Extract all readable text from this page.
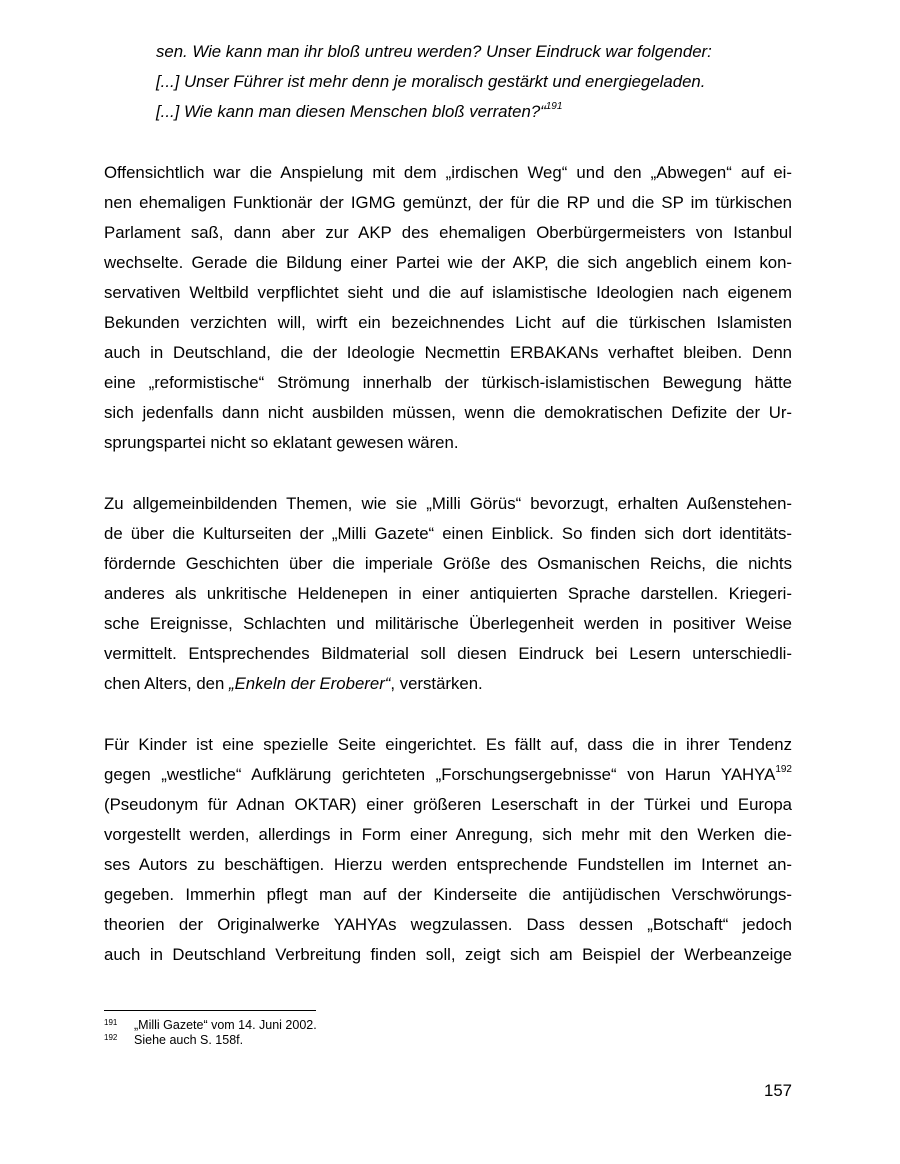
sen. Wie kann man ihr bloß untreu werden? Unser Eindruck war folgender:
[...] Unser Führer ist mehr denn je moralisch gestärkt und energiegeladen.
[...] Wie kann man diesen Menschen bloß verraten?“$^{191}$
Offensichtlich war die Anspielung mit dem „irdischen Weg“ und den „Abwegen“ auf ei-
nen ehemaligen Funktionär der IGMG gemünzt, der für die RP und die SP im türkischen
Parlament saß, dann aber zur AKP des ehemaligen Oberbürgermeisters von Istanbul
wechselte. Gerade die Bildung einer Partei wie der AKP, die sich angeblich einem kon-
servativen Weltbild verpflichtet sieht und die auf islamistische Ideologien nach eigenem
Bekunden verzichten will, wirft ein bezeichnendes Licht auf die türkischen Islamisten
auch in Deutschland, die der Ideologie Necmettin ERBAKANs verhaftet bleiben. Denn
eine „reformistische“ Strömung innerhalb der türkisch-islamistischen Bewegung hätte
sich jedenfalls dann nicht ausbilden müssen, wenn die demokratischen Defizite der Ur-
sprungspartei nicht so eklatant gewesen wären.
Zu allgemeinbildenden Themen, wie sie „Milli Görüs“ bevorzugt, erhalten Außenstehen-
de über die Kulturseiten der „Milli Gazete“ einen Einblick. So finden sich dort identitäts-
fördernde Geschichten über die imperiale Größe des Osmanischen Reichs, die nichts
anderes als unkritische Heldenepen in einer antiquierten Sprache darstellen. Kriegeri-
sche Ereignisse, Schlachten und militärische Überlegenheit werden in positiver Weise
vermittelt. Entsprechendes Bildmaterial soll diesen Eindruck bei Lesern unterschiedli-
chen Alters, den „Enkeln der Eroberer“, verstärken.
Für Kinder ist eine spezielle Seite eingerichtet. Es fällt auf, dass die in ihrer Tendenz
gegen „westliche“ Aufklärung gerichteten „Forschungsergebnisse“ von Harun YAHYA$^{192}$
(Pseudonym für Adnan OKTAR) einer größeren Leserschaft in der Türkei und Europa
vorgestellt werden, allerdings in Form einer Anregung, sich mehr mit den Werken die-
ses Autors zu beschäftigen. Hierzu werden entsprechende Fundstellen im Internet an-
gegeben. Immerhin pflegt man auf der Kinderseite die antijüdischen Verschwörungs-
theorien der Originalwerke YAHYAs wegzulassen. Dass dessen „Botschaft“ jedoch
auch in Deutschland Verbreitung finden soll, zeigt sich am Beispiel der Werbeanzeige
191 „Milli Gazete“ vom 14. Juni 2002.
192 Siehe auch S. 158f.
157
